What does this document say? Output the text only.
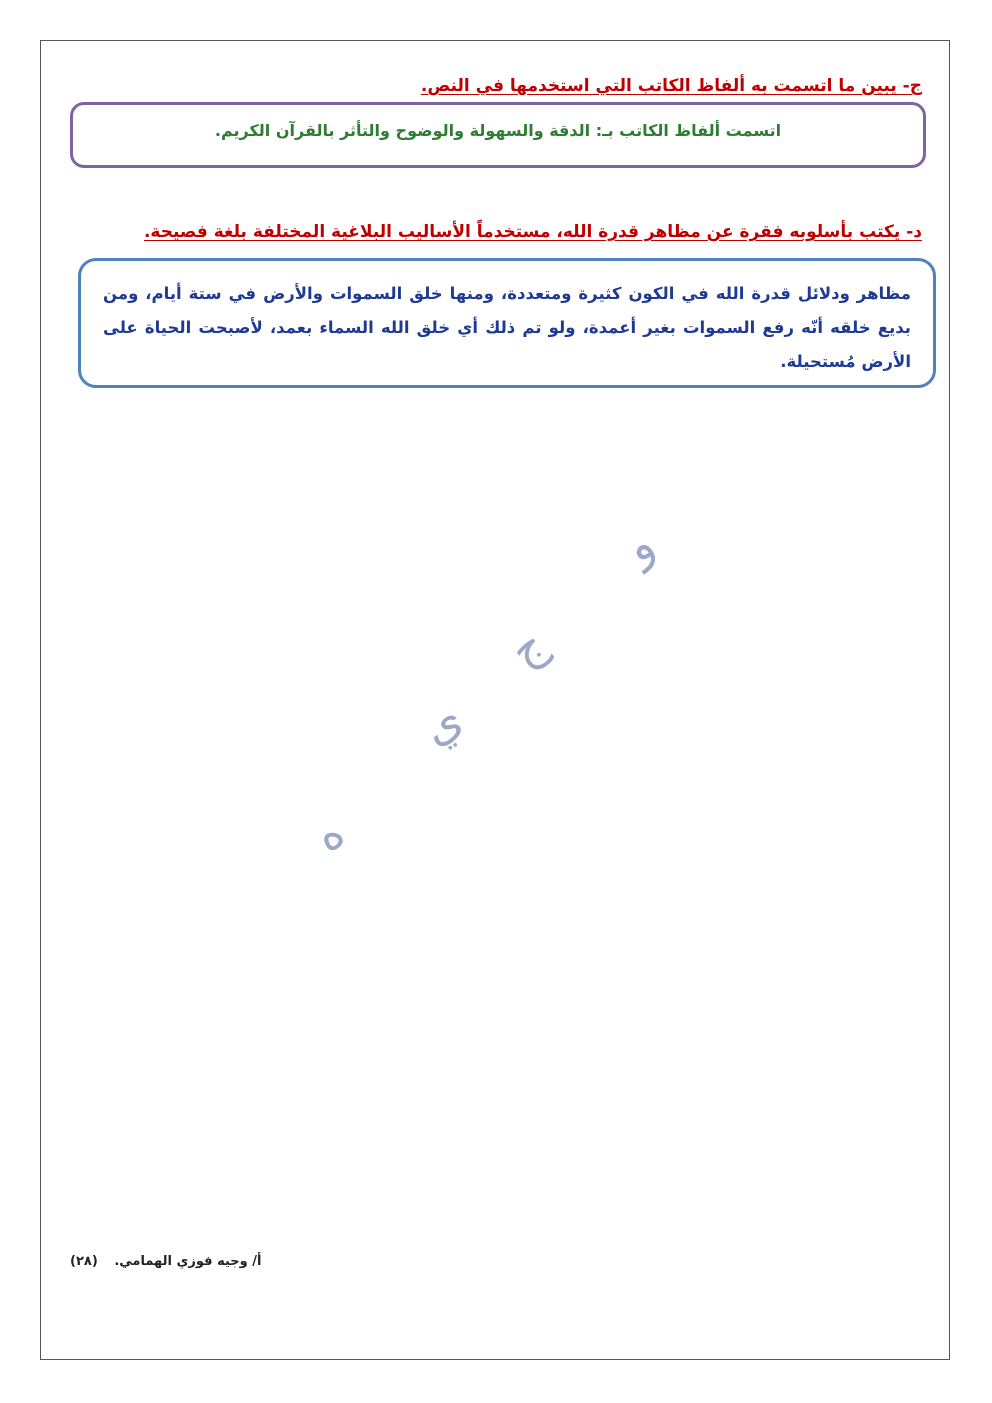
ج- يبين ما اتسمت به ألفاظ الكاتب التي استخدمها في النص.
اتسمت ألفاظ الكاتب بـ: الدقة والسهولة والوضوح والتأثر بالقرآن الكريم.
د- يكتب بأسلوبه فقرة عن مظاهر قدرة الله، مستخدماً الأساليب البلاغية المختلفة بلغة فصيحة.
مظاهر ودلائل قدرة الله في الكون كثيرة ومتعددة، ومنها خلق السموات والأرض في ستة أيام، ومن بديع خلقه أنّه رفع السموات بغير أعمدة، ولو تم ذلك أي خلق الله السماء بعمد، لأصبحت الحياة على الأرض مُستحيلة.
و
ج
ي
ه
أ/ وجيه فوزي الهمامي. (٢٨)
